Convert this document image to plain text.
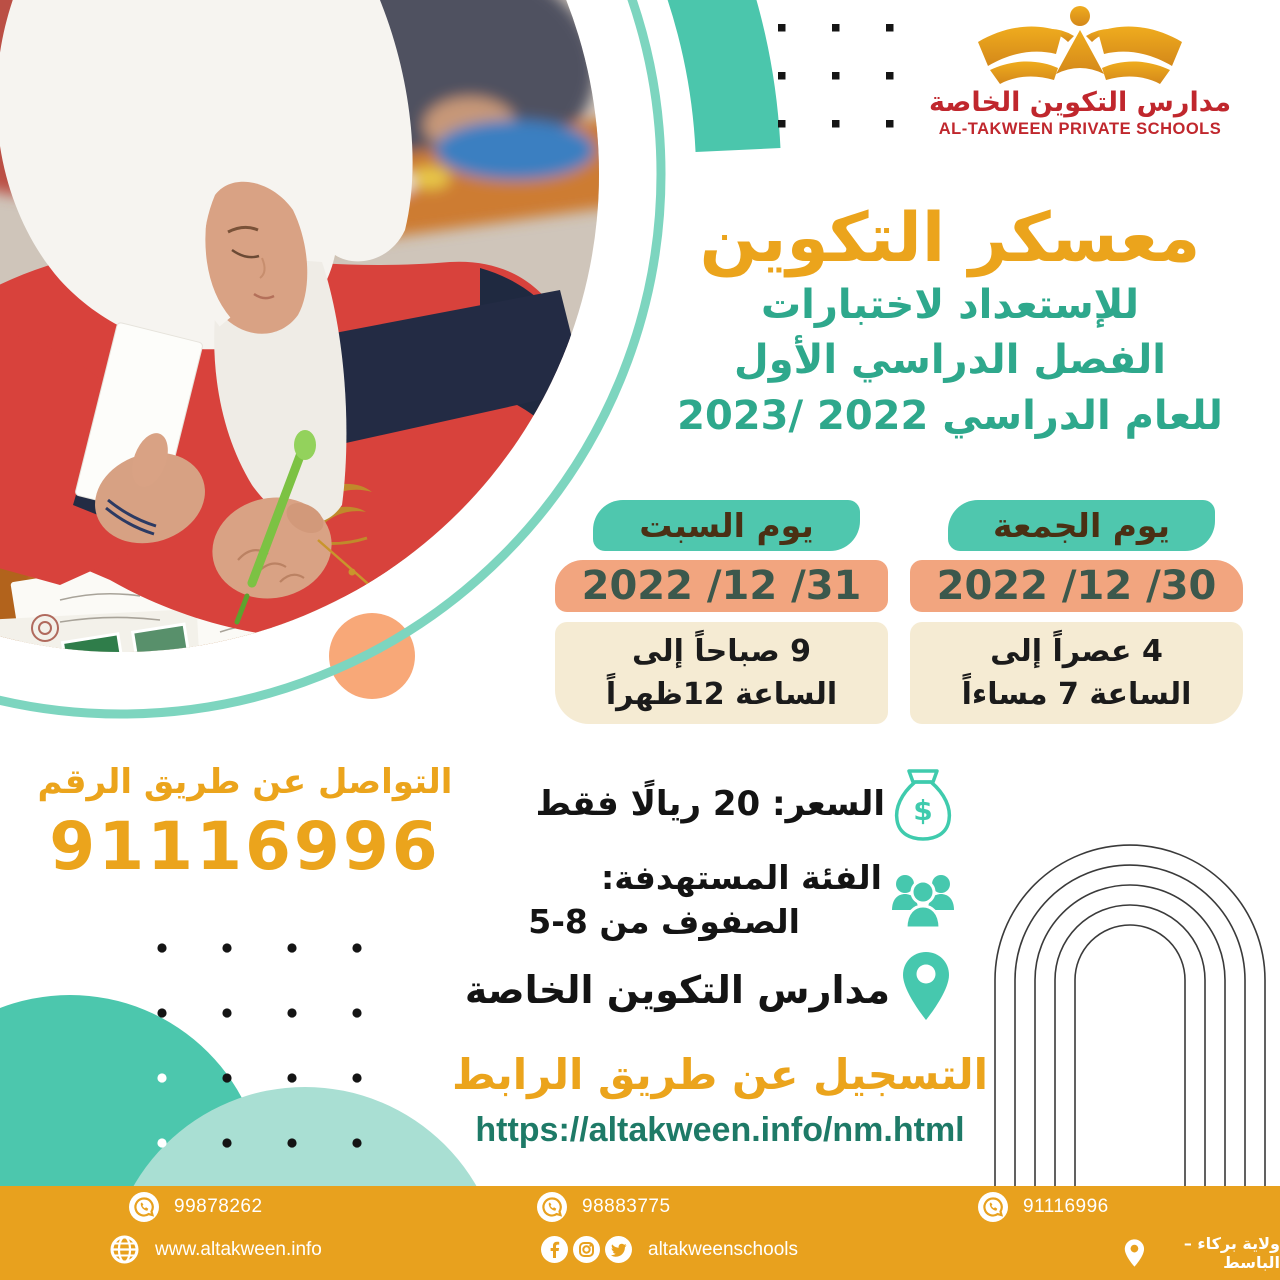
مدارس التكوين الخاصة
AL-TAKWEEN PRIVATE SCHOOLS
معسكر التكوين
للإستعداد لاختبارات
الفصل الدراسي الأول
للعام الدراسي 2022 /2023
يوم الجمعة
30/ 12/ 2022
4 عصراً إلى
الساعة 7 مساءاً
يوم السبت
31/ 12/ 2022
9 صباحاً إلى
الساعة 12ظهراً
التواصل عن طريق الرقم
91116996	$
السعر: 20 ريالًا فقط
الفئة المستهدفة:
الصفوف من 8-5
مدارس التكوين الخاصة
التسجيل عن طريق الرابط
https://altakween.info/nm.html
99878262	98883775	91116996
www.altakween.info	altakweenschools	ولاية بركاء – الباسط
